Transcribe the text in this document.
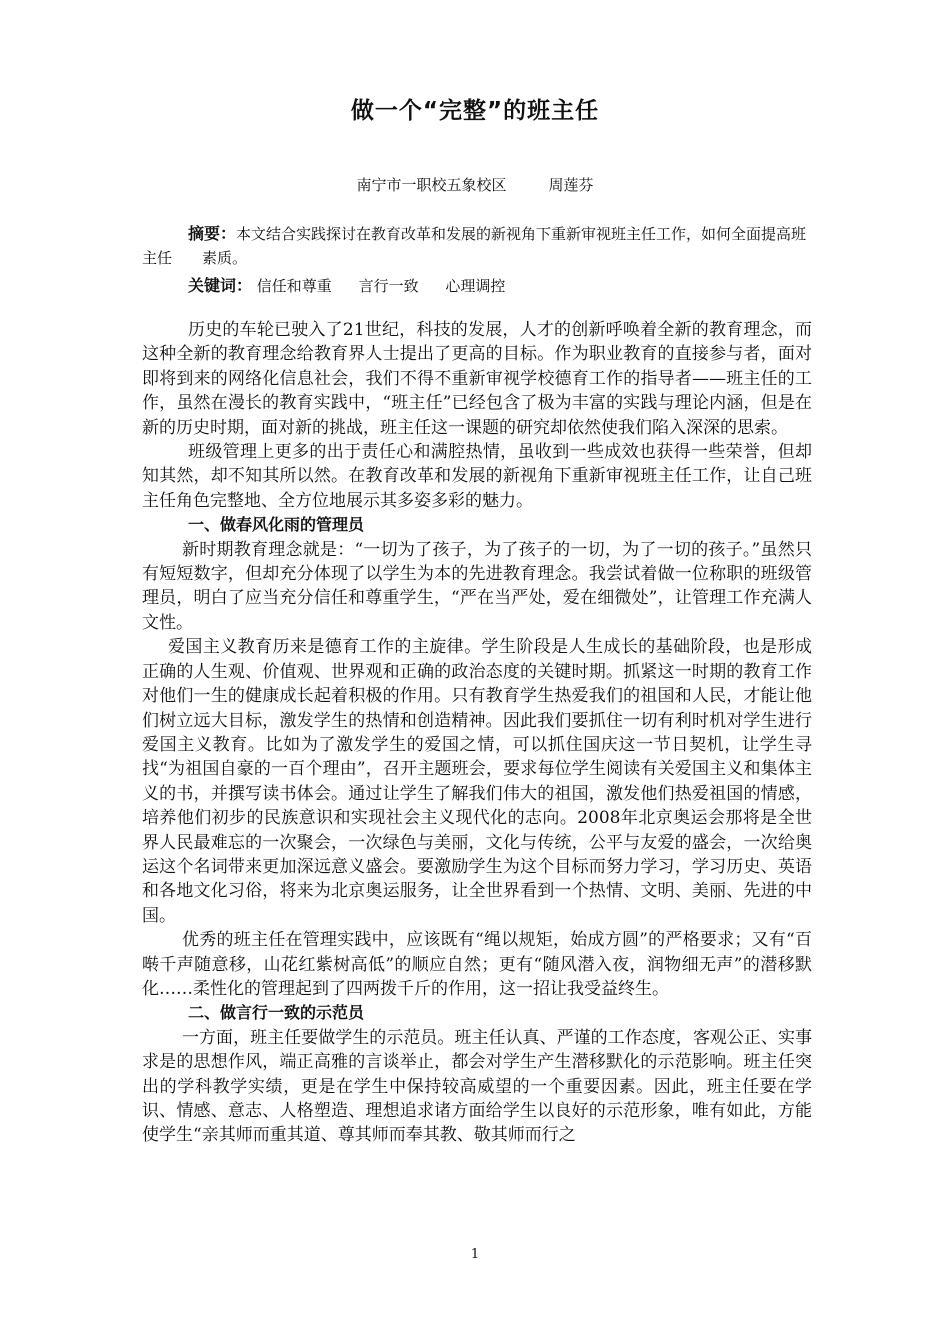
做一个“完整”的班主任
南宁市一职校五象校区	周莲芬

摘要：本文结合实践探讨在教育改革和发展的新视角下重新审视班主任工作，如何全面提高班主任 素质。

关键词： 信任和尊重 言行一致 心理调控

历史的车轮已驶入了21世纪，科技的发展，人才的创新呼唤着全新的教育理念，而这种全新的教育理念给教育界人士提出了更高的目标。作为职业教育的直接参与者，面对即将到来的网络化信息社会，我们不得不重新审视学校德育工作的指导者——班主任的工作，虽然在漫长的教育实践中，“班主任”已经包含了极为丰富的实践与理论内涵，但是在新的历史时期，面对新的挑战，班主任这一课题的研究却依然使我们陷入深深的思索。

班级管理上更多的出于责任心和满腔热情，虽收到一些成效也获得一些荣誉，但却知其然，却不知其所以然。在教育改革和发展的新视角下重新审视班主任工作，让自己班主任角色完整地、全方位地展示其多姿多彩的魅力。

一、做春风化雨的管理员

新时期教育理念就是：“一切为了孩子，为了孩子的一切，为了一切的孩子。”虽然只有短短数字，但却充分体现了以学生为本的先进教育理念。我尝试着做一位称职的班级管理员，明白了应当充分信任和尊重学生，“严在当严处，爱在细微处”，让管理工作充满人文性。

爱国主义教育历来是德育工作的主旋律。学生阶段是人生成长的基础阶段，也是形成正确的人生观、价值观、世界观和正确的政治态度的关键时期。抓紧这一时期的教育工作对他们一生的健康成长起着积极的作用。只有教育学生热爱我们的祖国和人民，才能让他们树立远大目标，激发学生的热情和创造精神。因此我们要抓住一切有利时机对学生进行爱国主义教育。比如为了激发学生的爱国之情，可以抓住国庆这一节日契机，让学生寻找“为祖国自豪的一百个理由”，召开主题班会，要求每位学生阅读有关爱国主义和集体主义的书，并撰写读书体会。通过让学生了解我们伟大的祖国，激发他们热爱祖国的情感，培养他们初步的民族意识和实现社会主义现代化的志向。2008年北京奥运会那将是全世界人民最难忘的一次聚会，一次绿色与美丽，文化与传统，公平与友爱的盛会，一次给奥运这个名词带来更加深远意义盛会。要激励学生为这个目标而努力学习，学习历史、英语和各地文化习俗，将来为北京奥运服务，让全世界看到一个热情、文明、美丽、先进的中国。

优秀的班主任在管理实践中，应该既有“绳以规矩，始成方圆”的严格要求；又有“百啭千声随意移，山花红紫树高低”的顺应自然；更有“随风潜入夜，润物细无声”的潜移默化……柔性化的管理起到了四两拨千斤的作用，这一招让我受益终生。

二、做言行一致的示范员

一方面，班主任要做学生的示范员。班主任认真、严谨的工作态度，客观公正、实事求是的思想作风，端正高雅的言谈举止，都会对学生产生潜移默化的示范影响。班主任突出的学科教学实绩，更是在学生中保持较高威望的一个重要因素。因此，班主任要在学识、情感、意志、人格塑造、理想追求诸方面给学生以良好的示范形象，唯有如此，方能使学生“亲其师而重其道、尊其师而奉其教、敬其师而行之

1
